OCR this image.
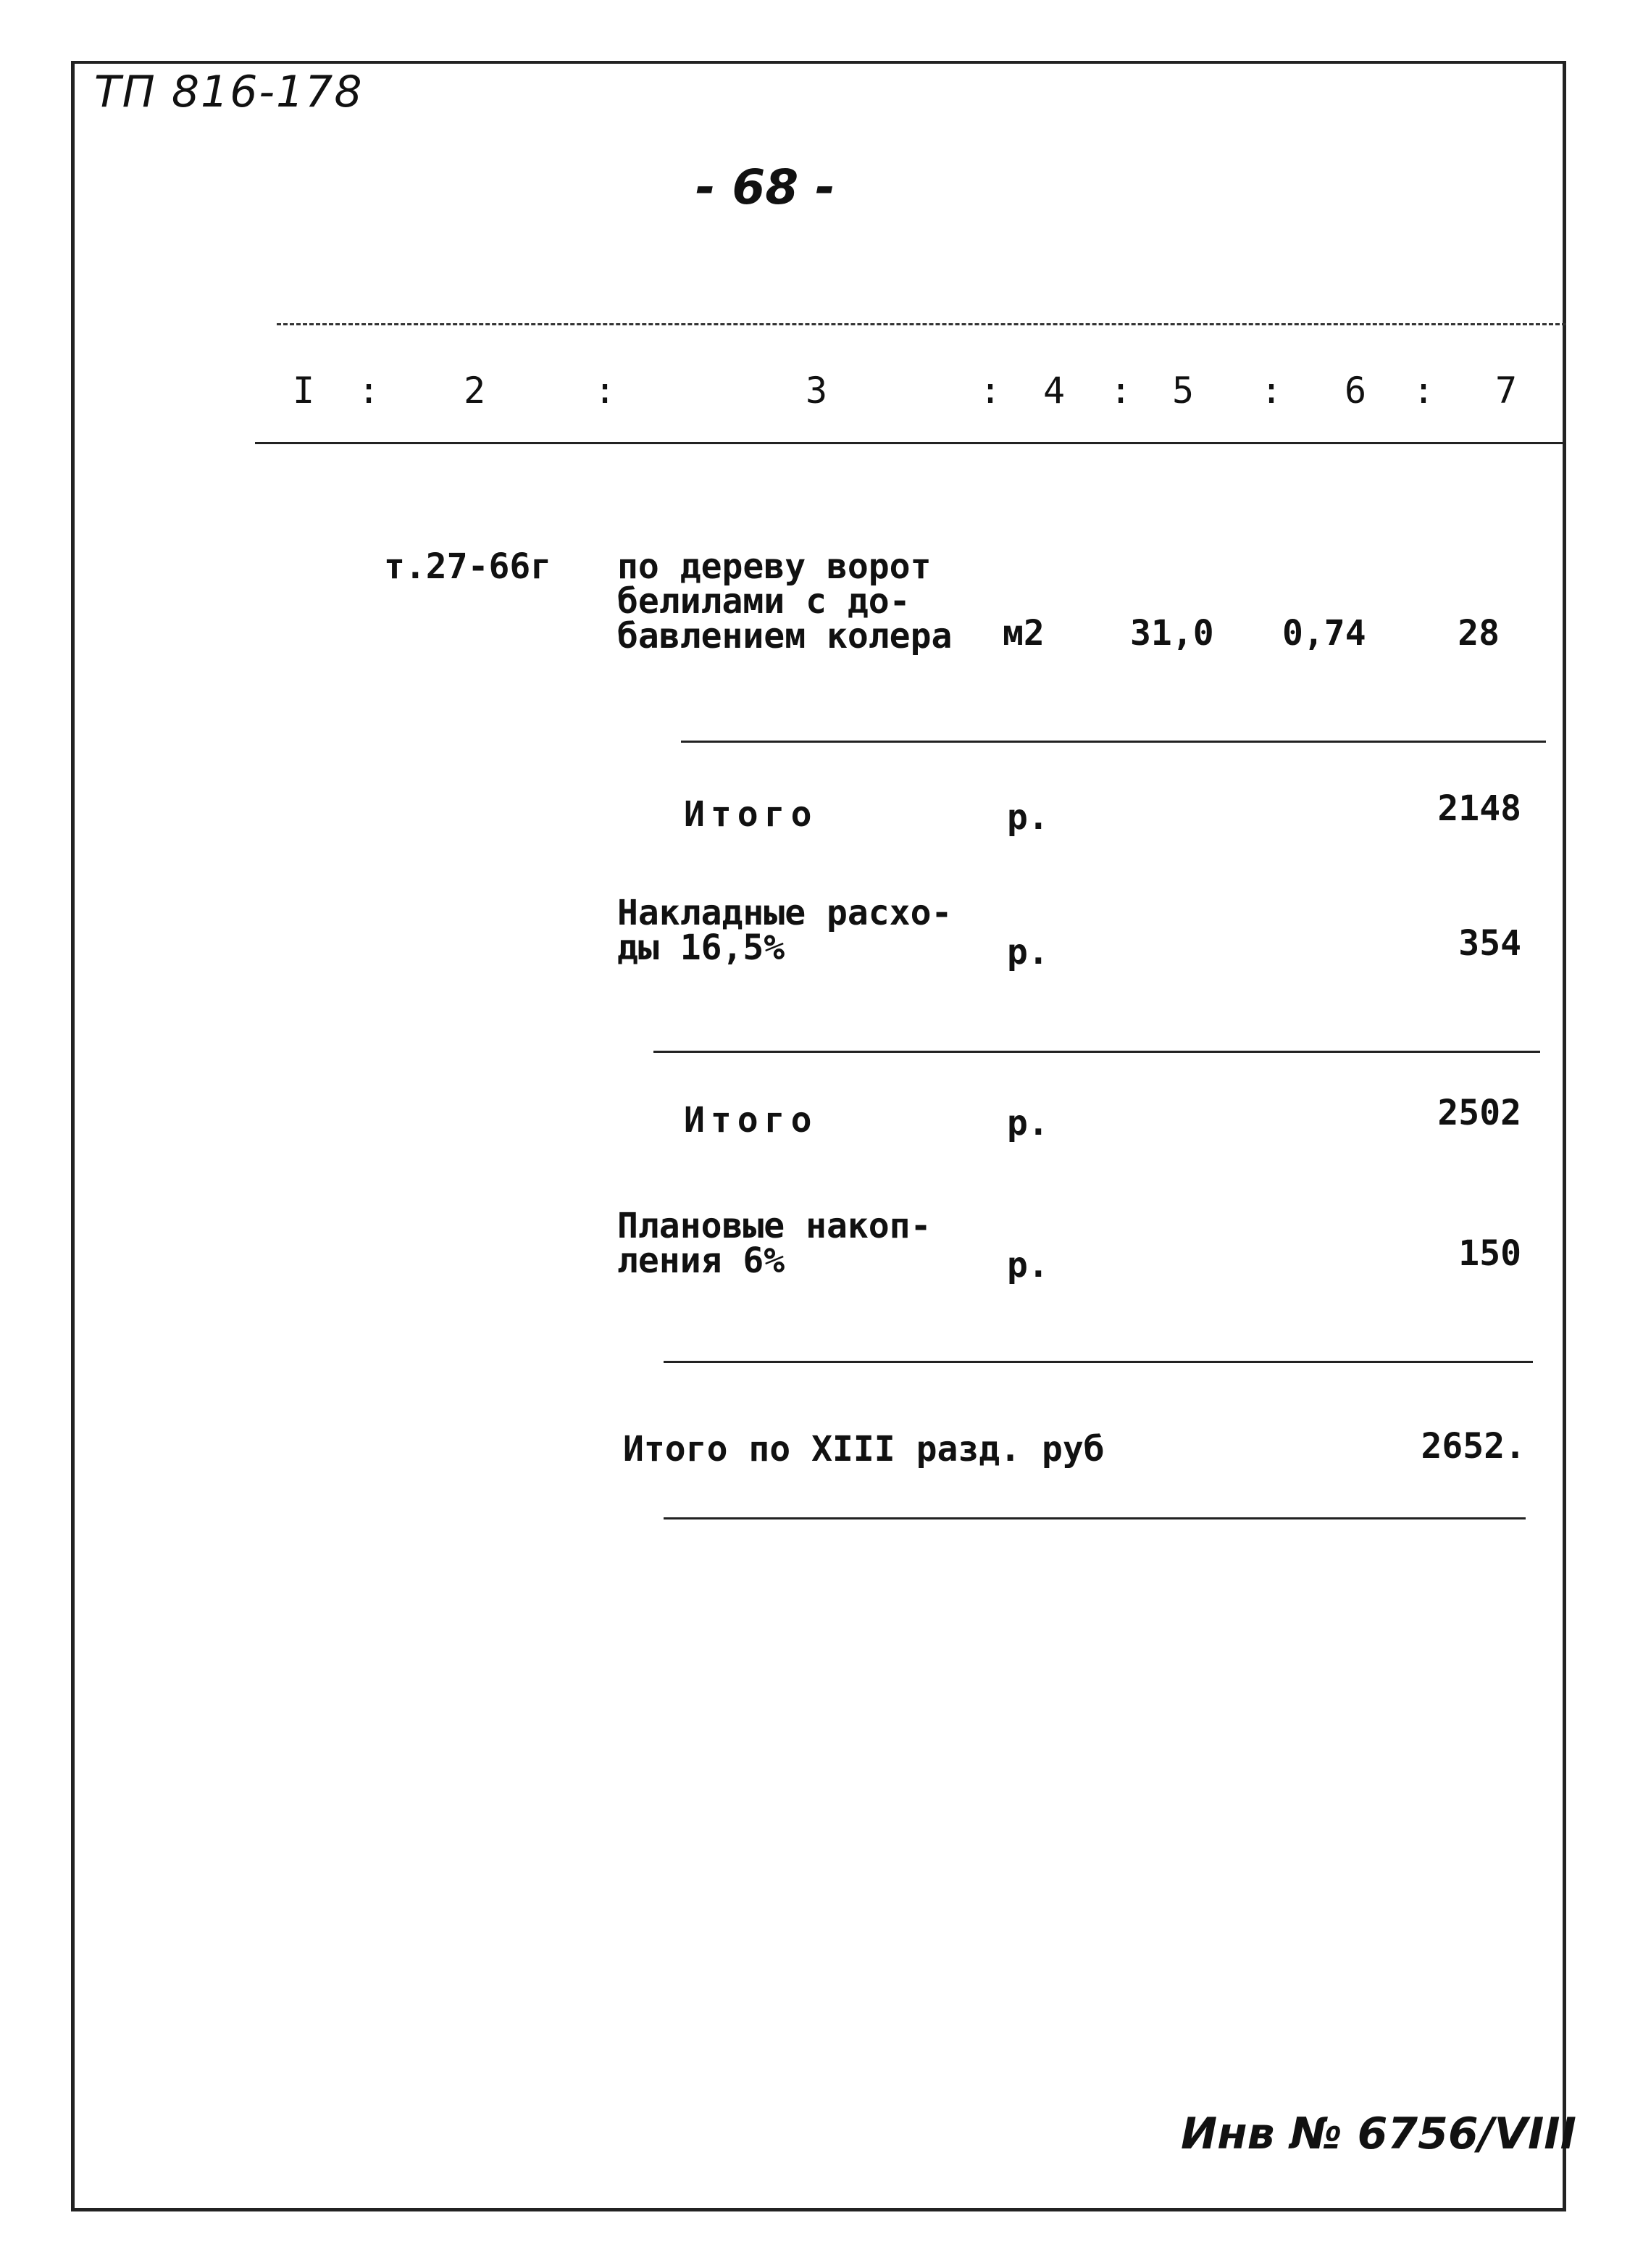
ТП 816-178
- 68 -
I : 2	:	3	: 4 : 5 : 6 : 7
т.27-66г по дереву ворот
белилами с до-
бавлением колера м2 31,0 0,74	28
Итого	р.	2148
Накладные расхо-
ды 16,5%	р.	354
Итого	р.	2502
Плановые накоп-
ления 6%	р.	150
Итого по XIII разд. руб	2652.
Инв № 6756/VIII
